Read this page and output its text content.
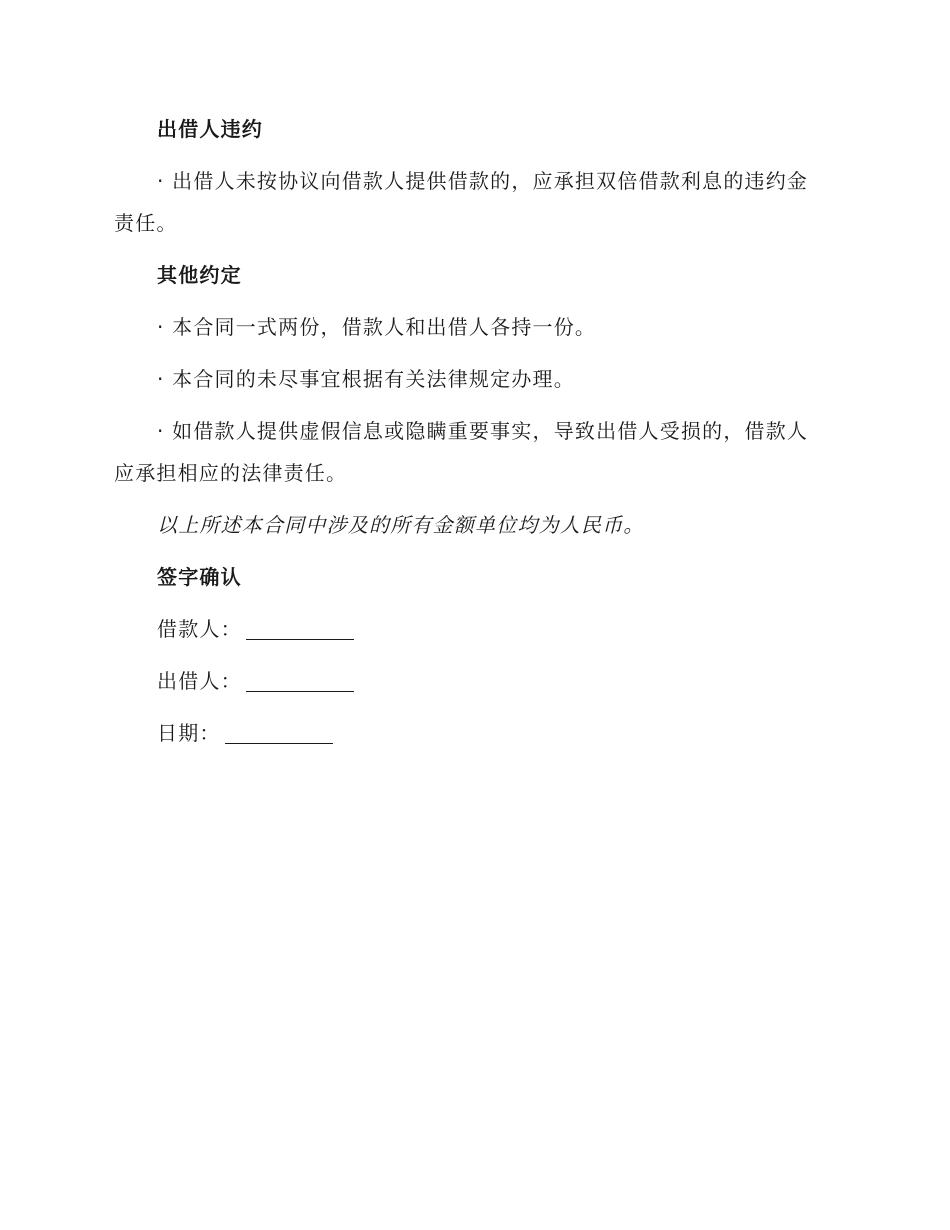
出借人违约

· 出借人未按协议向借款人提供借款的，应承担双倍借款利息的违约金责任。

其他约定

· 本合同一式两份，借款人和出借人各持一份。

· 本合同的未尽事宜根据有关法律规定办理。

· 如借款人提供虚假信息或隐瞒重要事实，导致出借人受损的，借款人应承担相应的法律责任。

以上所述本合同中涉及的所有金额单位均为人民币。

签字确认
借款人：
出借人：
日期：
